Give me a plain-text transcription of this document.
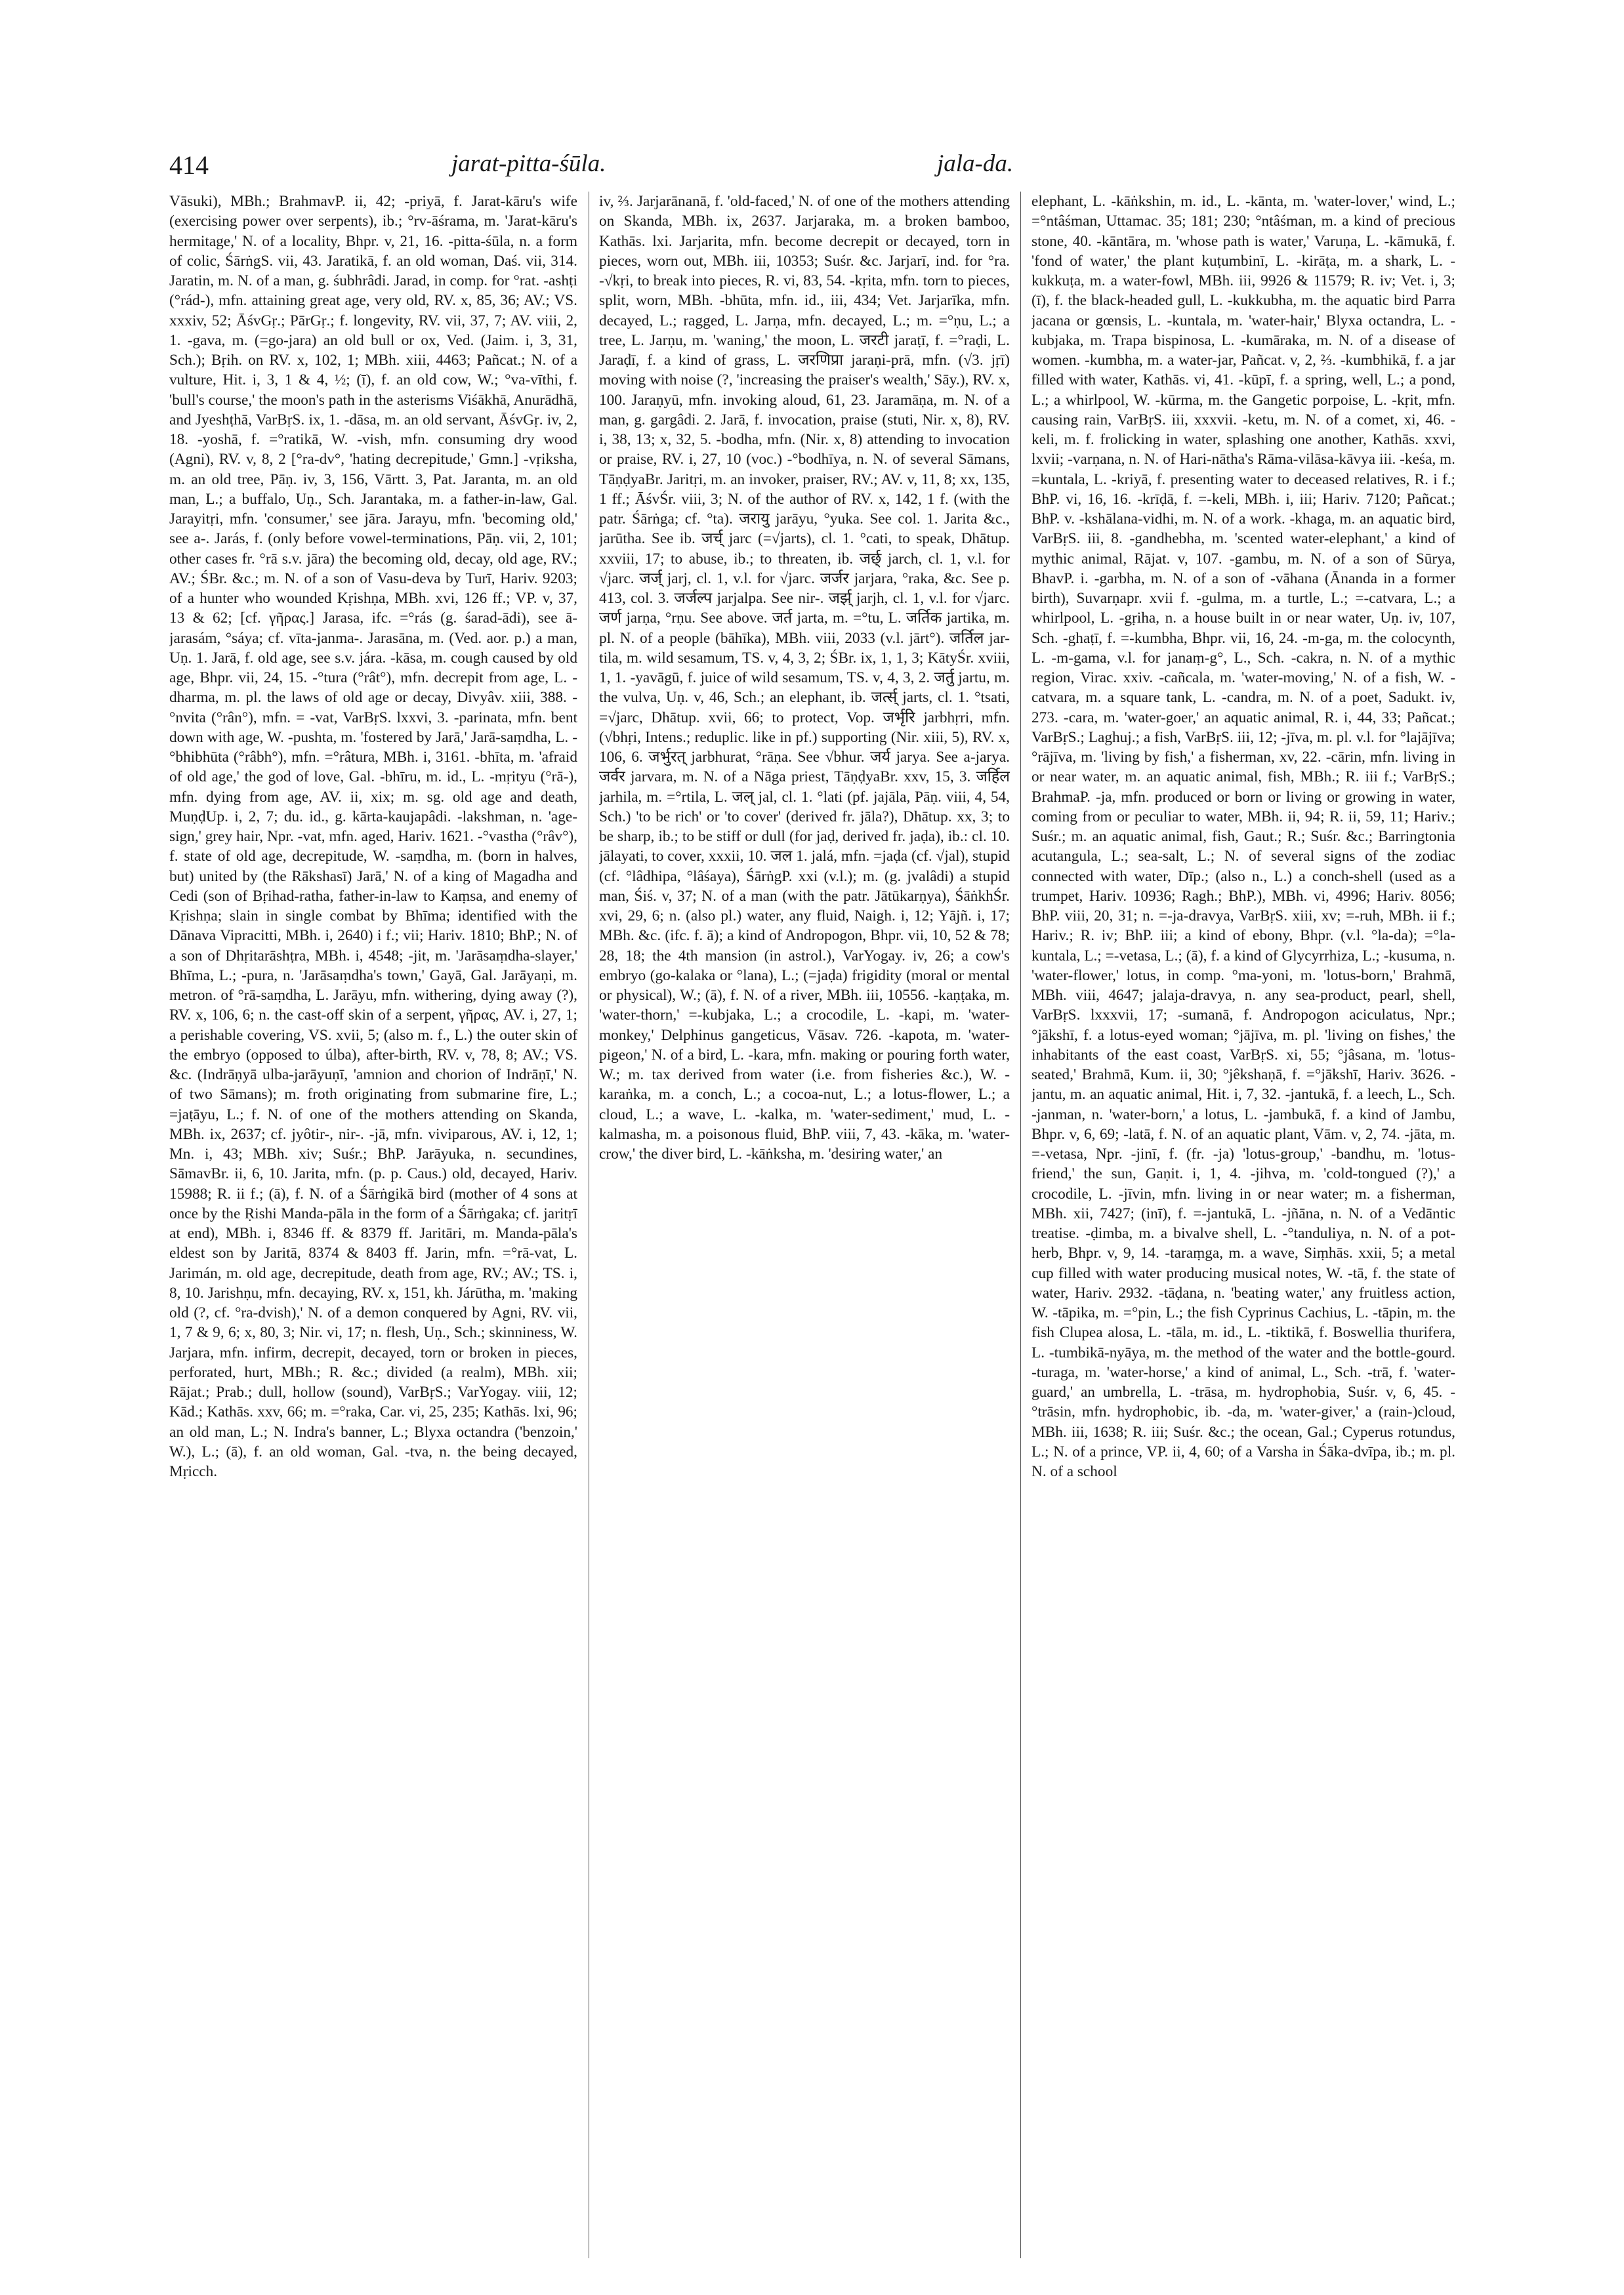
414	jarat-pitta-śūla.	jala-da.

Vāsuki), MBh.; BrahmavP. ii, 42; -priyā, f. Jarat-kāru's wife (exercising power over serpents), ib.; °rv-āśrama, m. 'Jarat-kāru's hermitage,' N. of a locality, Bhpr. v, 21, 16. -pitta-śūla, n. a form of colic, ŚārṅgS. vii, 43. Jaratikā, f. an old woman, Daś. vii, 314. Jaratin, m. N. of a man, g. śubhrâdi. Jarad, in comp. for °rat. -ashṭi (°rád-), mfn. attaining great age, very old, RV. x, 85, 36; AV.; VS. xxxiv, 52; ĀśvGṛ.; PārGṛ.; f. longevity, RV. vii, 37, 7; AV. viii, 2, 1. -gava, m. (=go-jara) an old bull or ox, Ved. (Jaim. i, 3, 31, Sch.); Bṛih. on RV. x, 102, 1; MBh. xiii, 4463; Pañcat.; N. of a vulture, Hit. i, 3, 1 & 4, ½; (ī), f. an old cow, W.; °va-vīthi, f. 'bull's course,' the moon's path in the asterisms Viśākhā, Anurādhā, and Jyeshṭhā, VarBṛS. ix, 1. -dāsa, m. an old servant, ĀśvGṛ. iv, 2, 18. -yoshā, f. =°ratikā, W. -vish, mfn. consuming dry wood (Agni), RV. v, 8, 2 [°ra-dv°, 'hating decrepitude,' Gmn.] -vṛiksha, m. an old tree, Pāṇ. iv, 3, 156, Vārtt. 3, Pat. Jaranta, m. an old man, L.; a buffalo, Uṇ., Sch. Jarantaka, m. a father-in-law, Gal. Jarayitṛi, mfn. 'consumer,' see jāra. Jarayu, mfn. 'becoming old,' see a-. Jarás, f. (only before vowel-terminations, Pāṇ. vii, 2, 101; other cases fr. °rā s.v. jāra) the becoming old, decay, old age, RV.; AV.; ŚBr. &c.; m. N. of a son of Vasu-deva by Turī, Hariv. 9203; of a hunter who wounded Kṛishṇa, MBh. xvi, 126 ff.; VP. v, 37, 13 & 62; [cf. γῆρας.] Jarasa, ifc. =°rás (g. śarad-ādi), see ā-jarasám, °sáya; cf. vīta-janma-. Jarasāna, m. (Ved. aor. p.) a man, Uṇ. 1. Jarā, f. old age, see s.v. jára. -kāsa, m. cough caused by old age, Bhpr. vii, 24, 15. -°tura (°rât°), mfn. decrepit from age, L. -dharma, m. pl. the laws of old age or decay, Divyâv. xiii, 388. -°nvita (°rân°), mfn. = -vat, VarBṛS. lxxvi, 3. -parinata, mfn. bent down with age, W. -pushta, m. 'fostered by Jarā,' Jarā-saṃdha, L. -°bhibhūta (°râbh°), mfn. =°râtura, MBh. i, 3161. -bhīta, m. 'afraid of old age,' the god of love, Gal. -bhīru, m. id., L. -mṛityu (°rā-), mfn. dying from age, AV. ii, xix; m. sg. old age and death, MuṇḍUp. i, 2, 7; du. id., g. kārta-kaujapâdi. -lakshman, n. 'age-sign,' grey hair, Npr. -vat, mfn. aged, Hariv. 1621. -°vastha (°râv°), f. state of old age, decrepitude, W. -saṃdha, m. (born in halves, but) united by (the Rākshasī) Jarā,' N. of a king of Magadha and Cedi (son of Bṛihad-ratha, father-in-law to Kaṃsa, and enemy of Kṛishṇa; slain in single combat by Bhīma; identified with the Dānava Vipracitti, MBh. i, 2640) i f.; vii; Hariv. 1810; BhP.; N. of a son of Dhṛitarāshṭra, MBh. i, 4548; -jit, m. 'Jarāsaṃdha-slayer,' Bhīma, L.; -pura, n. 'Jarāsaṃdha's town,' Gayā, Gal. Jarāyaṇi, m. metron. of °rā-saṃdha, L. Jarāyu, mfn. withering, dying away (?), RV. x, 106, 6; n. the cast-off skin of a serpent, γῆρας, AV. i, 27, 1; a perishable covering, VS. xvii, 5; (also m. f., L.) the outer skin of the embryo (opposed to úlba), after-birth, RV. v, 78, 8; AV.; VS. &c. (Indrāṇyā ulba-jarāyuṇī, 'amnion and chorion of Indrāṇī,' N. of two Sāmans); m. froth originating from submarine fire, L.; =jaṭāyu, L.; f. N. of one of the mothers attending on Skanda, MBh. ix, 2637; cf. jyôtir-, nir-. -jā, mfn. viviparous, AV. i, 12, 1; Mn. i, 43; MBh. xiv; Suśr.; BhP. Jarāyuka, n. secundines, SāmavBr. ii, 6, 10. Jarita, mfn. (p. p. Caus.) old, decayed, Hariv. 15988; R. ii f.; (ā), f. N. of a Śārṅgikā bird (mother of 4 sons at once by the Ṛishi Manda-pāla in the form of a Śārṅgaka; cf. jaritṛī at end), MBh. i, 8346 ff. & 8379 ff. Jaritāri, m. Manda-pāla's eldest son by Jaritā, 8374 & 8403 ff. Jarin, mfn. =°rā-vat, L. Jarimán, m. old age, decrepitude, death from age, RV.; AV.; TS. i, 8, 10. Jarishṇu, mfn. decaying, RV. x, 151, kh. Járūtha, m. 'making old (?, cf. °ra-dvish),' N. of a demon conquered by Agni, RV. vii, 1, 7 & 9, 6; x, 80, 3; Nir. vi, 17; n. flesh, Uṇ., Sch.; skinniness, W. Jarjara, mfn. infirm, decrepit, decayed, torn or broken in pieces, perforated, hurt, MBh.; R. &c.; divided (a realm), MBh. xii; Rājat.; Prab.; dull, hollow (sound), VarBṛS.; VarYogay. viii, 12; Kād.; Kathās. xxv, 66; m. =°raka, Car. vi, 25, 235; Kathās. lxi, 96; an old man, L.; N. Indra's banner, L.; Blyxa octandra ('benzoin,' W.), L.; (ā), f. an old woman, Gal. -tva, n. the being decayed, Mṛicch.

iv, ⅔. Jarjarānanā, f. 'old-faced,' N. of one of the mothers attending on Skanda, MBh. ix, 2637. Jarjaraka, m. a broken bamboo, Kathās. lxi. Jarjarita, mfn. become decrepit or decayed, torn in pieces, worn out, MBh. iii, 10353; Suśr. &c. Jarjarī, ind. for °ra. -√kṛi, to break into pieces, R. vi, 83, 54. -kṛita, mfn. torn to pieces, split, worn, MBh. -bhūta, mfn. id., iii, 434; Vet. Jarjarīka, mfn. decayed, L.; ragged, L. Jarṇa, mfn. decayed, L.; m. =°ṇu, L.; a tree, L. Jarṇu, m. 'waning,' the moon, L. जरटी jaraṭī, f. =°raḍi, L. Jaraḍī, f. a kind of grass, L. जरणिप्रा jaraṇi-prā, mfn. (√3. jṛī) moving with noise (?, 'increasing the praiser's wealth,' Sāy.), RV. x, 100. Jaraṇyū, mfn. invoking aloud, 61, 23. Jaramāṇa, m. N. of a man, g. gargâdi. 2. Jarā, f. invocation, praise (stuti, Nir. x, 8), RV. i, 38, 13; x, 32, 5. -bodha, mfn. (Nir. x, 8) attending to invocation or praise, RV. i, 27, 10 (voc.) -°bodhīya, n. N. of several Sāmans, TāṇḍyaBr. Jaritṛi, m. an invoker, praiser, RV.; AV. v, 11, 8; xx, 135, 1 ff.; ĀśvŚr. viii, 3; N. of the author of RV. x, 142, 1 f. (with the patr. Śārṅga; cf. °ta). जरायु jarāyu, °yuka. See col. 1. Jarita &c., jarūtha. See ib. जर्च् jarc (=√jarts), cl. 1. °cati, to speak, Dhātup. xxviii, 17; to abuse, ib.; to threaten, ib. जर्छ् jarch, cl. 1, v.l. for √jarc. जर्ज् jarj, cl. 1, v.l. for √jarc. जर्जर jarjara, °raka, &c. See p. 413, col. 3. जर्जल्प jarjalpa. See nir-. जर्झ् jarjh, cl. 1, v.l. for √jarc. जर्ण jarṇa, °rṇu. See above. जर्त jarta, m. =°tu, L. जर्तिक jartika, m. pl. N. of a people (bāhīka), MBh. viii, 2033 (v.l. jārt°). जर्तिल jar-tila, m. wild sesamum, TS. v, 4, 3, 2; ŚBr. ix, 1, 1, 3; KātyŚr. xviii, 1, 1. -yavāgū, f. juice of wild sesamum, TS. v, 4, 3, 2. जर्तु jartu, m. the vulva, Uṇ. v, 46, Sch.; an elephant, ib. जर्त्स् jarts, cl. 1. °tsati, =√jarc, Dhātup. xvii, 66; to protect, Vop. जर्भृरि jarbhṛri, mfn. (√bhṛi, Intens.; reduplic. like in pf.) supporting (Nir. xiii, 5), RV. x, 106, 6. जर्भुरत् jarbhurat, °rāṇa. See √bhur. जर्य jarya. See a-jarya. जर्वर jarvara, m. N. of a Nāga priest, TāṇḍyaBr. xxv, 15, 3. जर्हिल jarhila, m. =°rtila, L. जल् jal, cl. 1. °lati (pf. jajāla, Pāṇ. viii, 4, 54, Sch.) 'to be rich' or 'to cover' (derived fr. jāla?), Dhātup. xx, 3; to be sharp, ib.; to be stiff or dull (for jaḍ, derived fr. jaḍa), ib.: cl. 10. jālayati, to cover, xxxii, 10. जल 1. jalá, mfn. =jaḍa (cf. √jal), stupid (cf. °lâdhipa, °lâśaya), ŚārṅgP. xxi (v.l.); m. (g. jvalâdi) a stupid man, Śiś. v, 37; N. of a man (with the patr. Jātūkarṇya), ŚāṅkhŚr. xvi, 29, 6; n. (also pl.) water, any fluid, Naigh. i, 12; Yājñ. i, 17; MBh. &c. (ifc. f. ā); a kind of Andropogon, Bhpr. vii, 10, 52 & 78; 28, 18; the 4th mansion (in astrol.), VarYogay. iv, 26; a cow's embryo (go-kalaka or °lana), L.; (=jaḍa) frigidity (moral or mental or physical), W.; (ā), f. N. of a river, MBh. iii, 10556. -kaṇṭaka, m. 'water-thorn,' =-kubjaka, L.; a crocodile, L. -kapi, m. 'water-monkey,' Delphinus gangeticus, Vāsav. 726. -kapota, m. 'water-pigeon,' N. of a bird, L. -kara, mfn. making or pouring forth water, W.; m. tax derived from water (i.e. from fisheries &c.), W. -karaṅka, m. a conch, L.; a cocoa-nut, L.; a lotus-flower, L.; a cloud, L.; a wave, L. -kalka, m. 'water-sediment,' mud, L. -kalmasha, m. a poisonous fluid, BhP. viii, 7, 43. -kāka, m. 'water-crow,' the diver bird, L. -kāṅksha, m. 'desiring water,' an

elephant, L. -kāṅkshin, m. id., L. -kānta, m. 'water-lover,' wind, L.; =°ntâśman, Uttamac. 35; 181; 230; °ntâśman, m. a kind of precious stone, 40. -kāntāra, m. 'whose path is water,' Varuṇa, L. -kāmukā, f. 'fond of water,' the plant kuṭumbinī, L. -kirāṭa, m. a shark, L. -kukkuṭa, m. a water-fowl, MBh. iii, 9926 & 11579; R. iv; Vet. i, 3; (ī), f. the black-headed gull, L. -kukkubha, m. the aquatic bird Parra jacana or gœnsis, L. -kuntala, m. 'water-hair,' Blyxa octandra, L. -kubjaka, m. Trapa bispinosa, L. -kumāraka, m. N. of a disease of women. -kumbha, m. a water-jar, Pañcat. v, 2, ⅔. -kumbhikā, f. a jar filled with water, Kathās. vi, 41. -kūpī, f. a spring, well, L.; a pond, L.; a whirlpool, W. -kūrma, m. the Gangetic porpoise, L. -kṛit, mfn. causing rain, VarBṛS. iii, xxxvii. -ketu, m. N. of a comet, xi, 46. -keli, m. f. frolicking in water, splashing one another, Kathās. xxvi, lxvii; -varṇana, n. N. of Hari-nātha's Rāma-vilāsa-kāvya iii. -keśa, m. =kuntala, L. -kriyā, f. presenting water to deceased relatives, R. i f.; BhP. vi, 16, 16. -krīḍā, f. =-keli, MBh. i, iii; Hariv. 7120; Pañcat.; BhP. v. -kshālana-vidhi, m. N. of a work. -khaga, m. an aquatic bird, VarBṛS. iii, 8. -gandhebha, m. 'scented water-elephant,' a kind of mythic animal, Rājat. v, 107. -gambu, m. N. of a son of Sūrya, BhavP. i. -garbha, m. N. of a son of -vāhana (Ānanda in a former birth), Suvarṇapr. xvii f. -gulma, m. a turtle, L.; =-catvara, L.; a whirlpool, L. -gṛiha, n. a house built in or near water, Uṇ. iv, 107, Sch. -ghaṭī, f. =-kumbha, Bhpr. vii, 16, 24. -m-ga, m. the colocynth, L. -m-gama, v.l. for janaṃ-g°, L., Sch. -cakra, n. N. of a mythic region, Virac. xxiv. -cañcala, m. 'water-moving,' N. of a fish, W. -catvara, m. a square tank, L. -candra, m. N. of a poet, Sadukt. iv, 273. -cara, m. 'water-goer,' an aquatic animal, R. i, 44, 33; Pañcat.; VarBṛS.; Laghuj.; a fish, VarBṛS. iii, 12; -jīva, m. pl. v.l. for °lajājīva; °rājīva, m. 'living by fish,' a fisherman, xv, 22. -cārin, mfn. living in or near water, m. an aquatic animal, fish, MBh.; R. iii f.; VarBṛS.; BrahmaP. -ja, mfn. produced or born or living or growing in water, coming from or peculiar to water, MBh. ii, 94; R. ii, 59, 11; Hariv.; Suśr.; m. an aquatic animal, fish, Gaut.; R.; Suśr. &c.; Barringtonia acutangula, L.; sea-salt, L.; N. of several signs of the zodiac connected with water, Dīp.; (also n., L.) a conch-shell (used as a trumpet, Hariv. 10936; Ragh.; BhP.), MBh. vi, 4996; Hariv. 8056; BhP. viii, 20, 31; n. =-ja-dravya, VarBṛS. xiii, xv; =-ruh, MBh. ii f.; Hariv.; R. iv; BhP. iii; a kind of ebony, Bhpr. (v.l. °la-da); =°la-kuntala, L.; =-vetasa, L.; (ā), f. a kind of Glycyrrhiza, L.; -kusuma, n. 'water-flower,' lotus, in comp. °ma-yoni, m. 'lotus-born,' Brahmā, MBh. viii, 4647; jalaja-dravya, n. any sea-product, pearl, shell, VarBṛS. lxxxvii, 17; -sumanā, f. Andropogon aciculatus, Npr.; °jākshī, f. a lotus-eyed woman; °jājīva, m. pl. 'living on fishes,' the inhabitants of the east coast, VarBṛS. xi, 55; °jâsana, m. 'lotus-seated,' Brahmā, Kum. ii, 30; °jêkshaṇā, f. =°jākshī, Hariv. 3626. -jantu, m. an aquatic animal, Hit. i, 7, 32. -jantukā, f. a leech, L., Sch. -janman, n. 'water-born,' a lotus, L. -jambukā, f. a kind of Jambu, Bhpr. v, 6, 69; -latā, f. N. of an aquatic plant, Vām. v, 2, 74. -jāta, m. =-vetasa, Npr. -jinī, f. (fr. -ja) 'lotus-group,' -bandhu, m. 'lotus-friend,' the sun, Gaṇit. i, 1, 4. -jihva, m. 'cold-tongued (?),' a crocodile, L. -jīvin, mfn. living in or near water; m. a fisherman, MBh. xii, 7427; (inī), f. =-jantukā, L. -jñāna, n. N. of a Vedāntic treatise. -ḍimba, m. a bivalve shell, L. -°tanduliya, n. N. of a pot-herb, Bhpr. v, 9, 14. -taraṃga, m. a wave, Siṃhās. xxii, 5; a metal cup filled with water producing musical notes, W. -tā, f. the state of water, Hariv. 2932. -tāḍana, n. 'beating water,' any fruitless action, W. -tāpika, m. =°pin, L.; the fish Cyprinus Cachius, L. -tāpin, m. the fish Clupea alosa, L. -tāla, m. id., L. -tiktikā, f. Boswellia thurifera, L. -tumbikā-nyāya, m. the method of the water and the bottle-gourd. -turaga, m. 'water-horse,' a kind of animal, L., Sch. -trā, f. 'water-guard,' an umbrella, L. -trāsa, m. hydrophobia, Suśr. v, 6, 45. -°trāsin, mfn. hydrophobic, ib. -da, m. 'water-giver,' a (rain-)cloud, MBh. iii, 1638; R. iii; Suśr. &c.; the ocean, Gal.; Cyperus rotundus, L.; N. of a prince, VP. ii, 4, 60; of a Varsha in Śāka-dvīpa, ib.; m. pl. N. of a school
